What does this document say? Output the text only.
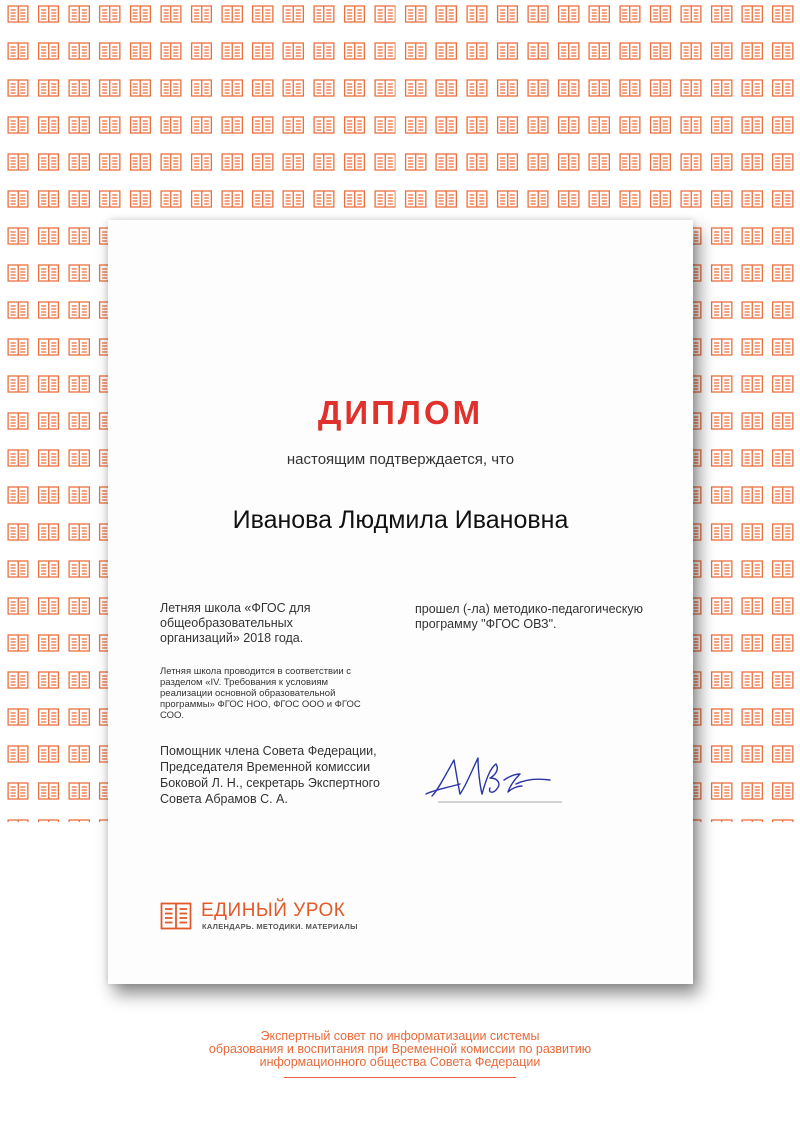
ДИПЛОМ
настоящим подтверждается, что
Иванова Людмила Ивановна
Летняя школа «ФГОС для общеобразовательных организаций» 2018 года.
Летняя школа проводится в соответствии с разделом «IV. Требования к условиям реализации основной образовательной программы» ФГОС НОО, ФГОС ООО и ФГОС СОО.
Помощник члена Совета Федерации, Председателя Временной комиссии Боковой Л. Н., секретарь Экспертного Совета Абрамов С. А.
прошел (-ла) методико-педагогическую программу "ФГОС ОВЗ".
ЕДИНЫЙ УРОК
КАЛЕНДАРЬ. МЕТОДИКИ. МАТЕРИАЛЫ
Экспертный совет по информатизации системы
образования и воспитания при Временной комиссии по развитию
информационного общества Совета Федерации
